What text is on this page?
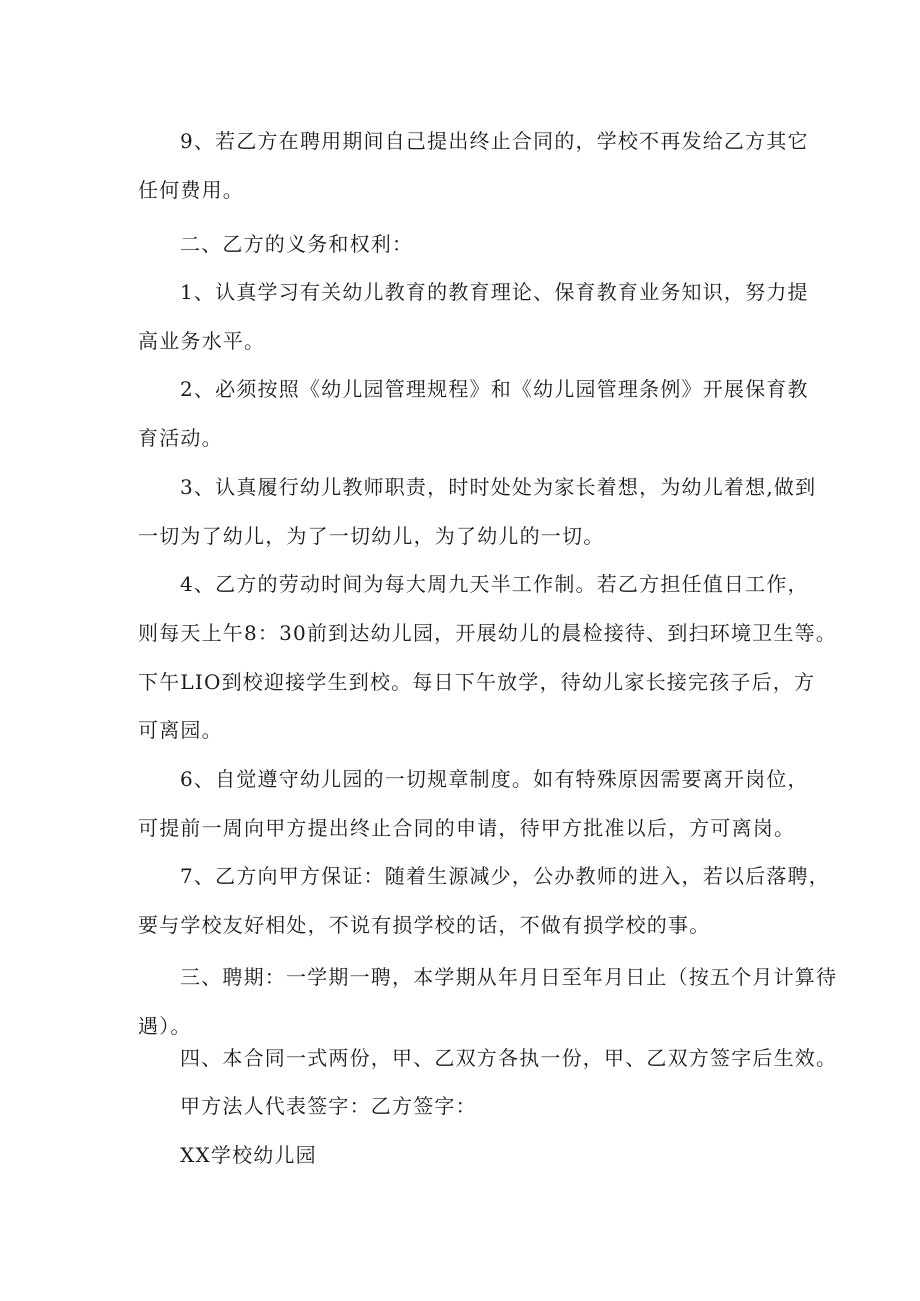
9、若乙方在聘用期间自己提出终止合同的，学校不再发给乙方其它
任何费用。
二、乙方的义务和权利：
1、认真学习有关幼儿教育的教育理论、保育教育业务知识，努力提
高业务水平。
2、必须按照《幼儿园管理规程》和《幼儿园管理条例》开展保育教
育活动。
3、认真履行幼儿教师职责，时时处处为家长着想，为幼儿着想,做到
一切为了幼儿，为了一切幼儿，为了幼儿的一切。
4、乙方的劳动时间为每大周九天半工作制。若乙方担任值日工作，
则每天上午8：30前到达幼儿园，开展幼儿的晨检接待、到扫环境卫生等。
下午LIO到校迎接学生到校。每日下午放学，待幼儿家长接完孩子后，方
可离园。
6、自觉遵守幼儿园的一切规章制度。如有特殊原因需要离开岗位，
可提前一周向甲方提出终止合同的申请，待甲方批准以后，方可离岗。
7、乙方向甲方保证：随着生源减少，公办教师的进入，若以后落聘，
要与学校友好相处，不说有损学校的话，不做有损学校的事。
三、聘期：一学期一聘，本学期从年月日至年月日止（按五个月计算待
遇）。
四、本合同一式两份，甲、乙双方各执一份，甲、乙双方签字后生效。
甲方法人代表签字：乙方签字：
XX学校幼儿园
